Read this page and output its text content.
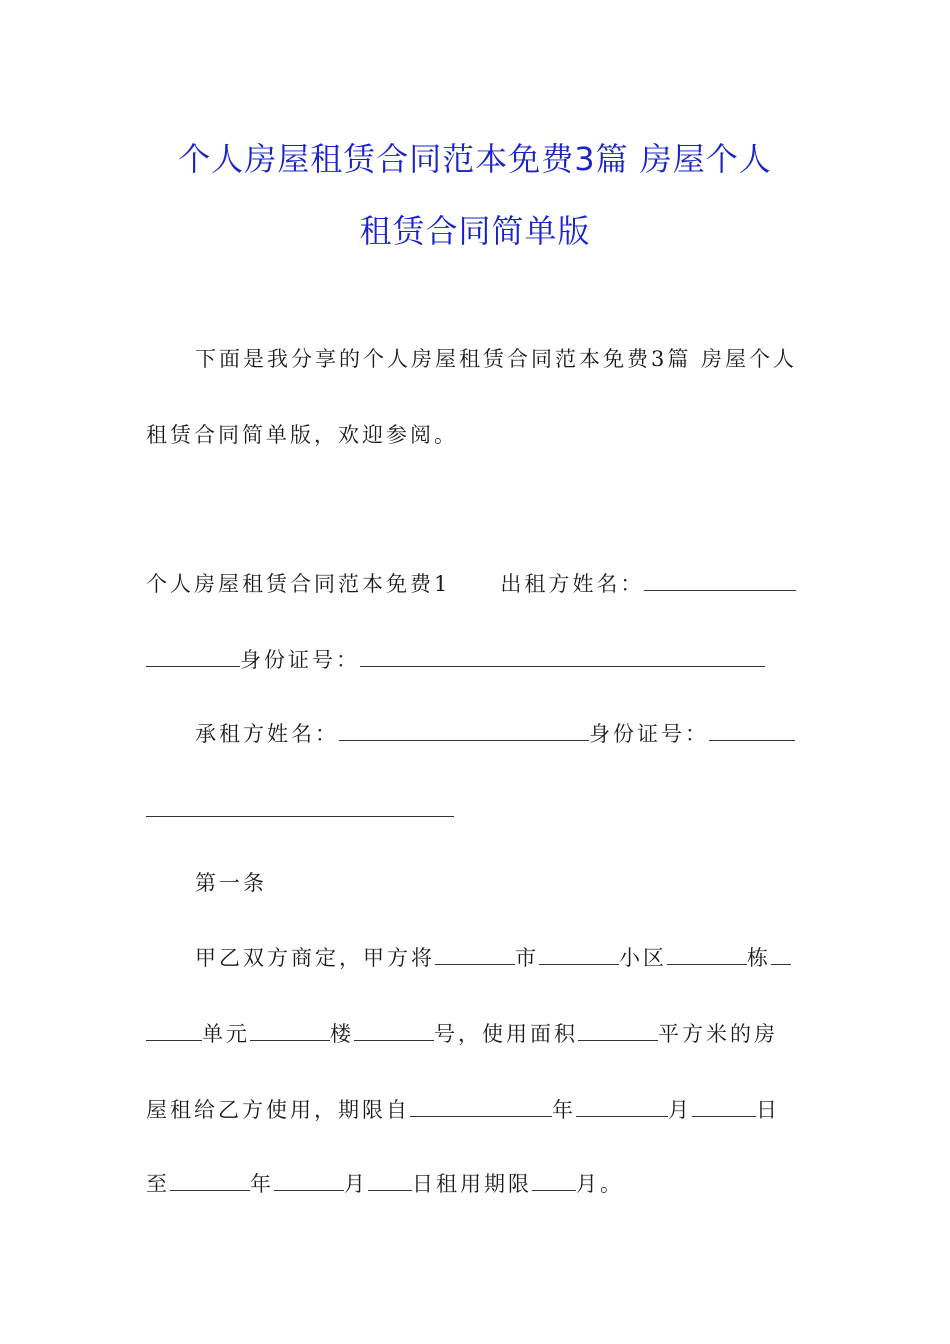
个人房屋租赁合同范本免费3篇 房屋个人
租赁合同简单版
下面是我分享的个人房屋租赁合同范本免费3篇 房屋个人
租赁合同简单版，欢迎参阅。
个人房屋租赁合同范本免费1 出租方姓名：
身份证号：
承租方姓名：	身份证号：
第一条
甲乙双方商定，甲方将	市	小区	栋
单元	楼	号，使用面积	平方米的房
屋租给乙方使用，期限自	年	月	日
至	年	月 日租用期限 月。
